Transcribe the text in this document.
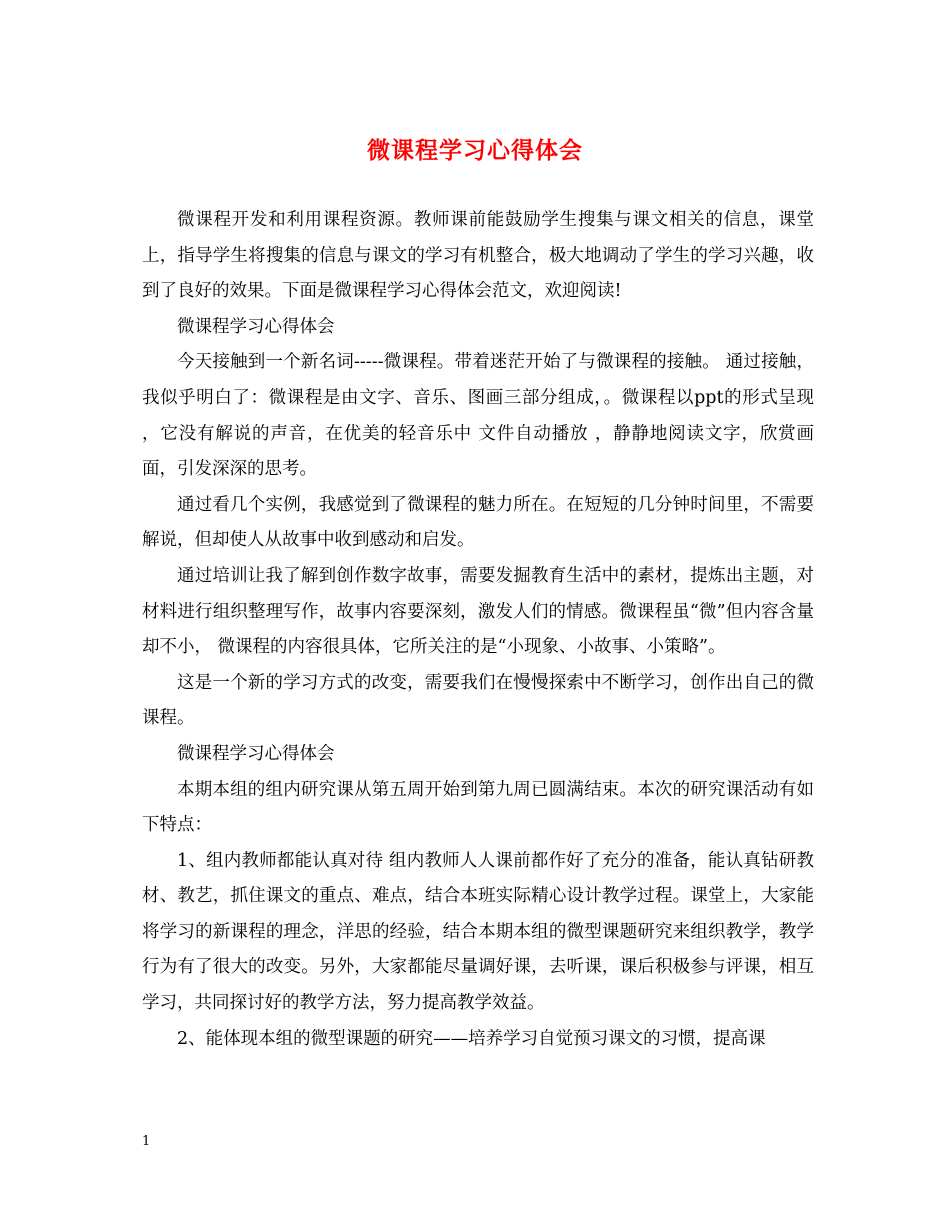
微课程学习心得体会

微课程开发和利用课程资源。教师课前能鼓励学生搜集与课文相关的信息，课堂上，指导学生将搜集的信息与课文的学习有机整合，极大地调动了学生的学习兴趣，收到了良好的效果。下面是微课程学习心得体会范文，欢迎阅读!

微课程学习心得体会

今天接触到一个新名词-----微课程。带着迷茫开始了与微课程的接触。 通过接触，我似乎明白了：微课程是由文字、音乐、图画三部分组成，。微课程以ppt的形式呈现 ，它没有解说的声音，在优美的轻音乐中 文件自动播放 ，静静地阅读文字，欣赏画面，引发深深的思考。

通过看几个实例，我感觉到了微课程的魅力所在。在短短的几分钟时间里，不需要解说，但却使人从故事中收到感动和启发。

通过培训让我了解到创作数字故事，需要发掘教育生活中的素材，提炼出主题，对材料进行组织整理写作，故事内容要深刻，激发人们的情感。微课程虽“微”但内容含量却不小， 微课程的内容很具体，它所关注的是“小现象、小故事、小策略”。

这是一个新的学习方式的改变，需要我们在慢慢探索中不断学习，创作出自己的微课程。

微课程学习心得体会

本期本组的组内研究课从第五周开始到第九周已圆满结束。本次的研究课活动有如下特点：

1、组内教师都能认真对待 组内教师人人课前都作好了充分的准备，能认真钻研教材、教艺，抓住课文的重点、难点，结合本班实际精心设计教学过程。课堂上，大家能将学习的新课程的理念，洋思的经验，结合本期本组的微型课题研究来组织教学，教学行为有了很大的改变。另外，大家都能尽量调好课，去听课，课后积极参与评课，相互学习，共同探讨好的教学方法，努力提高教学效益。

2、能体现本组的微型课题的研究——培养学习自觉预习课文的习惯，提高课

1
